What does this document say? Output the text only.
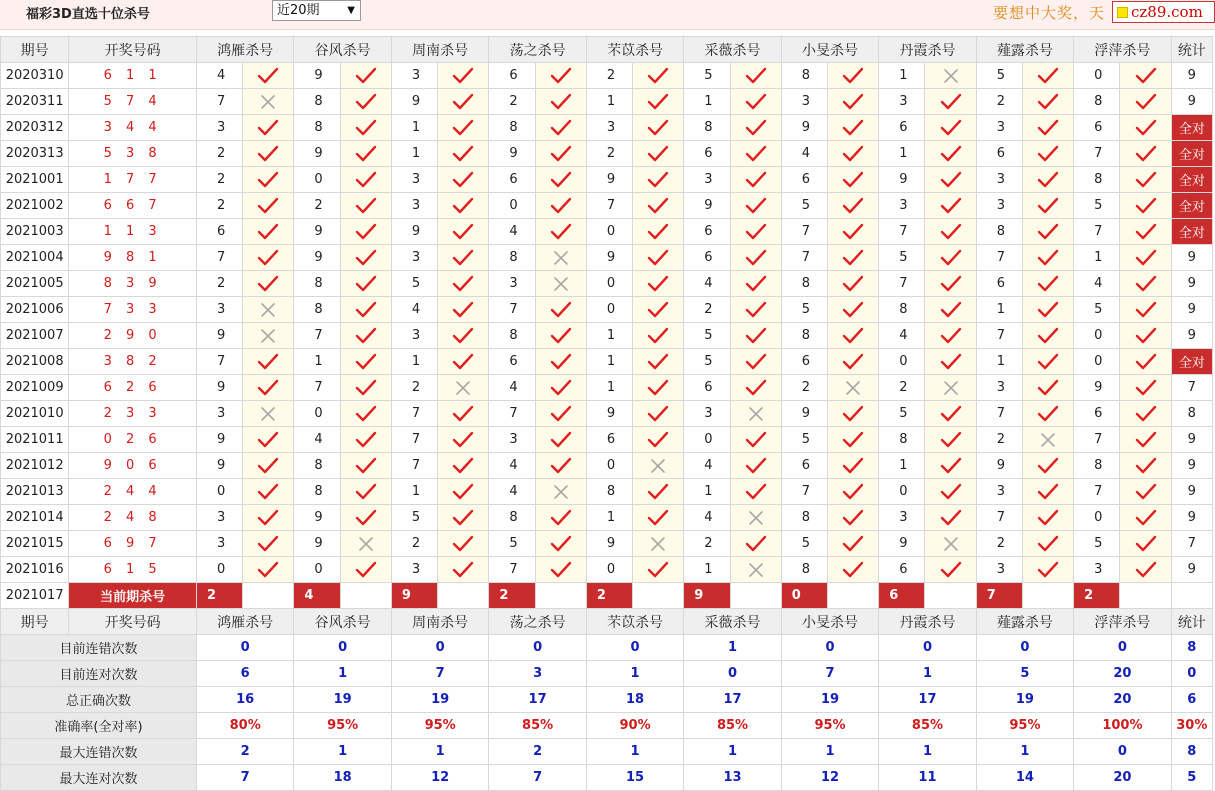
福彩3D直选十位杀号	近20期	▼	要想中大奖，天	cz89.com
期号	开奖号码	鸿雁杀号		谷风杀号		周南杀号		荡之杀号		芣苡杀号		采薇杀号		小旻杀号		丹霞杀号		薤露杀号		浮萍杀号		统计
2020310	6 1 1	4		9		3		6		2		5		8		1		5		0		9
2020311	5 7 4	7		8		9		2		1		1		3		3		2		8		9
2020312	3 4 4	3		8		1		8		3		8		9		6		3		6		全对
2020313	5 3 8	2		9		1		9		2		6		4		1		6		7		全对
2021001	1 7 7	2		0		3		6		9		3		6		9		3		8		全对
2021002	6 6 7	2		2		3		0		7		9		5		3		3		5		全对
2021003	1 1 3	6		9		9		4		0		6		7		7		8		7		全对
2021004	9 8 1	7		9		3		8		9		6		7		5		7		1		9
2021005	8 3 9	2		8		5		3		0		4		8		7		6		4		9
2021006	7 3 3	3		8		4		7		0		2		5		8		1		5		9
2021007	2 9 0	9		7		3		8		1		5		8		4		7		0		9
2021008	3 8 2	7		1		1		6		1		5		6		0		1		0		全对
2021009	6 2 6	9		7		2		4		1		6		2		2		3		9		7
2021010	2 3 3	3		0		7		7		9		3		9		5		7		6		8
2021011	0 2 6	9		4		7		3		6		0		5		8		2		7		9
2021012	9 0 6	9		8		7		4		0		4		6		1		9		8		9
2021013	2 4 4	0		8		1		4		8		1		7		0		3		7		9
2021014	2 4 8	3		9		5		8		1		4		8		3		7		0		9
2021015	6 9 7	3		9		2		5		9		2		5		9		2		5		7
2021016	6 1 5	0		0		3		7		0		1		8		6		3		3		9
2021017	当前期杀号	2		4		9		2		2		9		0		6		7		2		
期号	开奖号码	鸿雁杀号		谷风杀号		周南杀号		荡之杀号		芣苡杀号		采薇杀号		小旻杀号		丹霞杀号		薤露杀号		浮萍杀号		统计
目前连错次数		0		0		0		0		0		1		0		0		0		0		8
目前连对次数		6		1		7		3		1		0		7		1		5		20		0
总正确次数		16		19		19		17		18		17		19		17		19		20		6
准确率(全对率)		80%		95%		95%		85%		90%		85%		95%		85%		95%		100%		30%
最大连错次数		2		1		1		2		1		1		1		1		1		0		8
最大连对次数		7		18		12		7		15		13		12		11		14		20		5
